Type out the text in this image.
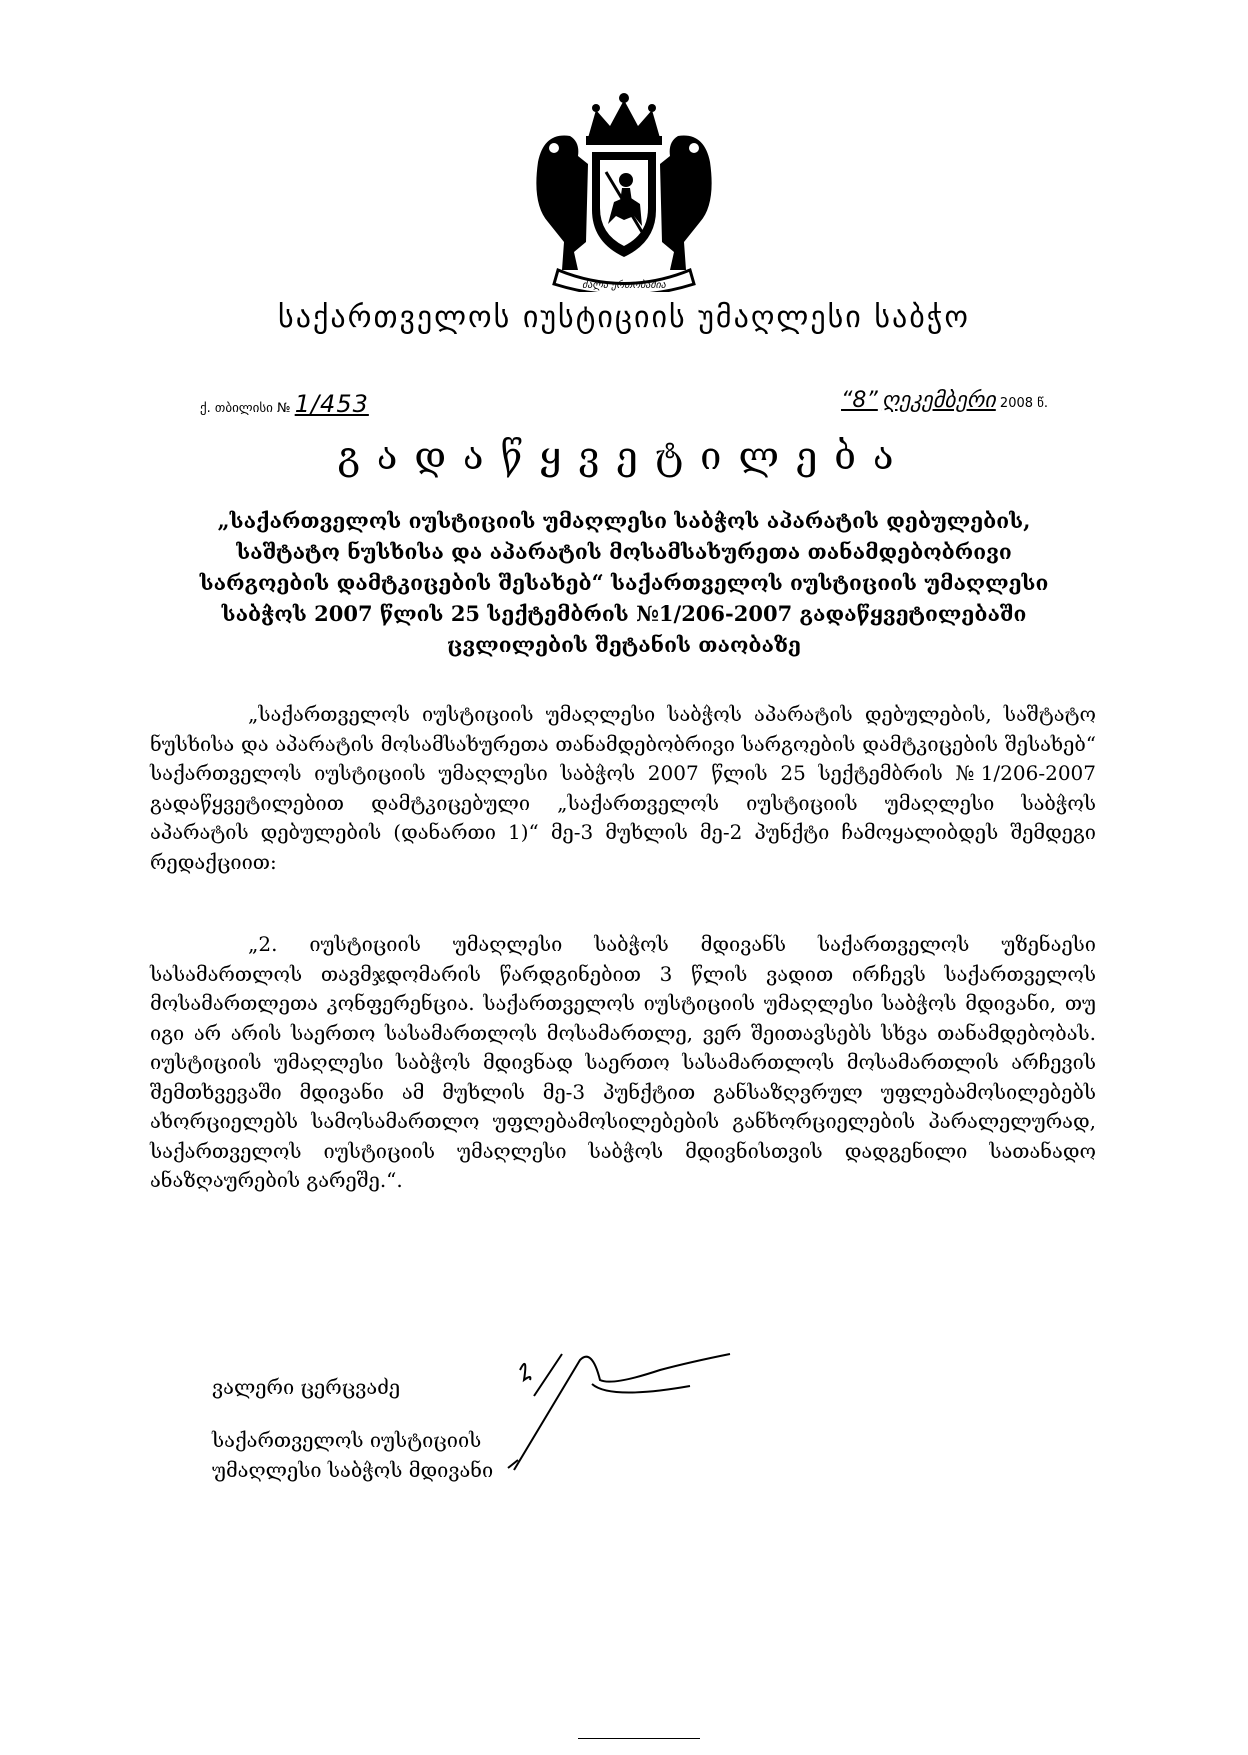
ძალა ერთობაშია
საქართველოს იუსტიციის უმაღლესი საბჭო
ქ. თბილისი № 1/453	“8” ღეკემბერი 2008 წ.
გადაწყვეტილება
„საქართველოს იუსტიციის უმაღლესი საბჭოს აპარატის დებულების, საშტატო ნუსხისა და აპარატის მოსამსახურეთა თანამდებობრივი სარგოების დამტკიცების შესახებ“ საქართველოს იუსტიციის უმაღლესი საბჭოს 2007 წლის 25 სექტემბრის №1/206-2007 გადაწყვეტილებაში ცვლილების შეტანის თაობაზე
„საქართველოს იუსტიციის უმაღლესი საბჭოს აპარატის დებულების, საშტატო ნუსხისა და აპარატის მოსამსახურეთა თანამდებობრივი სარგოების დამტკიცების შესახებ“ საქართველოს იუსტიციის უმაღლესი საბჭოს 2007 წლის 25 სექტემბრის №1/206-2007 გადაწყვეტილებით დამტკიცებული „საქართველოს იუსტიციის უმაღლესი საბჭოს აპარატის დებულების (დანართი 1)“ მე-3 მუხლის მე-2 პუნქტი ჩამოყალიბდეს შემდეგი რედაქციით:
„2. იუსტიციის უმაღლესი საბჭოს მდივანს საქართველოს უზენაესი სასამართლოს თავმჯდომარის წარდგინებით 3 წლის ვადით ირჩევს საქართველოს მოსამართლეთა კონფერენცია. საქართველოს იუსტიციის უმაღლესი საბჭოს მდივანი, თუ იგი არ არის საერთო სასამართლოს მოსამართლე, ვერ შეითავსებს სხვა თანამდებობას. იუსტიციის უმაღლესი საბჭოს მდივნად საერთო სასამართლოს მოსამართლის არჩევის შემთხვევაში მდივანი ამ მუხლის მე-3 პუნქტით განსაზღვრულ უფლებამოსილებებს ახორციელებს სამოსამართლო უფლებამოსილებების განხორციელების პარალელურად, საქართველოს იუსტიციის უმაღლესი საბჭოს მდივნისთვის დადგენილი სათანადო ანაზღაურების გარეშე.“.
ვალერი ცერცვაძე
საქართველოს იუსტიციის
უმაღლესი საბჭოს მდივანი
